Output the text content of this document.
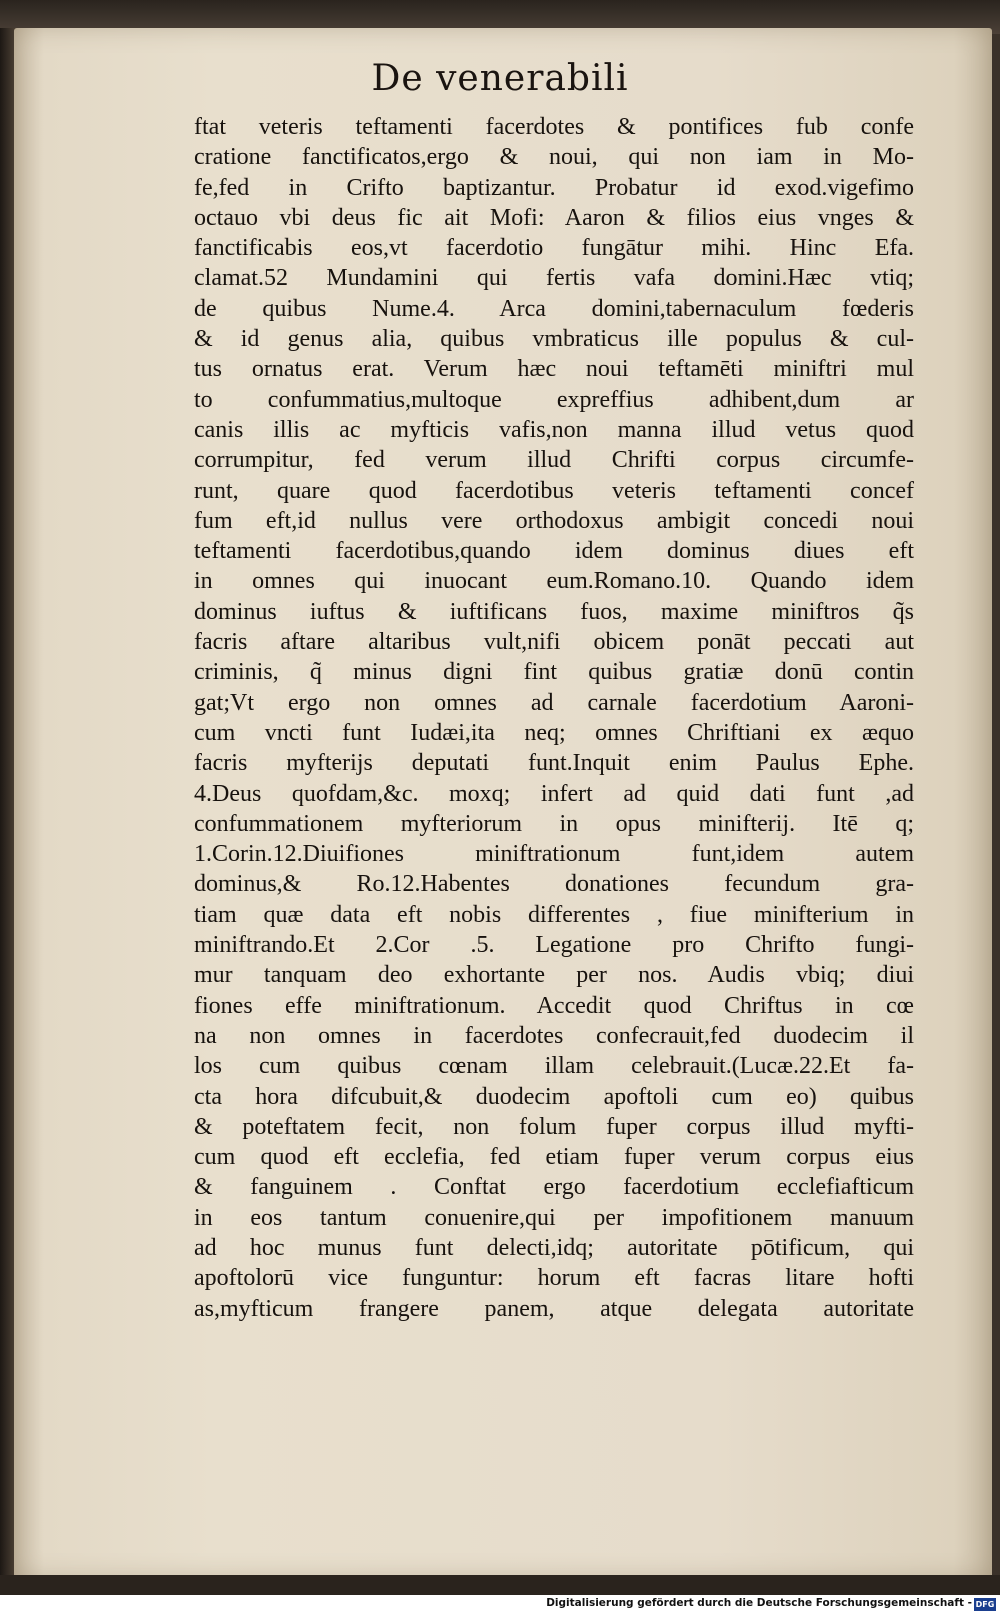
De venerabili
ftat veteris teftamenti facerdotes & pontifices fub confe
cratione fanctificatos,ergo & noui, qui non iam in Mo-
fe,fed in Crifto baptizantur. Probatur id exod.vigefimo
octauo vbi deus fic ait Mofi: Aaron & filios eius vnges &
fanctificabis eos,vt facerdotio fungātur mihi. Hinc Efa.
clamat.52 Mundamini qui fertis vafa domini.Hæc vtiq;
de quibus Nume.4. Arca domini,tabernaculum fœderis
& id genus alia, quibus vmbraticus ille populus & cul-
tus ornatus erat. Verum hæc noui teftamēti miniftri mul
to confummatius,multoque expreffius adhibent,dum ar
canis illis ac myfticis vafis,non manna illud vetus quod
corrumpitur, fed verum illud Chrifti corpus circumfe-
runt, quare quod facerdotibus veteris teftamenti concef
fum eft,id nullus vere orthodoxus ambigit concedi noui
teftamenti facerdotibus,quando idem dominus diues eft
in omnes qui inuocant eum.Romano.10. Quando idem
dominus iuftus & iuftificans fuos, maxime miniftros q̃s
facris aftare altaribus vult,nifi obicem ponāt peccati aut
criminis, q̃ minus digni fint quibus gratiæ donū contin
gat;Vt ergo non omnes ad carnale facerdotium Aaroni-
cum vncti funt Iudæi,ita neq; omnes Chriftiani ex æquo
facris myfterijs deputati funt.Inquit enim Paulus Ephe.
4.Deus quofdam,&c. moxq; infert ad quid dati funt ,ad
confummationem myfteriorum in opus minifterij. Itē q;
1.Corin.12.Diuifiones miniftrationum funt,idem autem
dominus,& Ro.12.Habentes donationes fecundum gra-
tiam quæ data eft nobis differentes , fiue minifterium in
miniftrando.Et 2.Cor .5. Legatione pro Chrifto fungi-
mur tanquam deo exhortante per nos. Audis vbiq; diui
fiones effe miniftrationum. Accedit quod Chriftus in cœ
na non omnes in facerdotes confecrauit,fed duodecim il
los cum quibus cœnam illam celebrauit.(Lucæ.22.Et fa-
cta hora difcubuit,& duodecim apoftoli cum eo) quibus
& poteftatem fecit, non folum fuper corpus illud myfti-
cum quod eft ecclefia, fed etiam fuper verum corpus eius
& fanguinem . Conftat ergo facerdotium ecclefiafticum
in eos tantum conuenire,qui per impofitionem manuum
ad hoc munus funt delecti,idq; autoritate pōtificum, qui
apoftolorū vice funguntur: horum eft facras litare hofti
as,myfticum frangere panem, atque delegata autoritate
Digitalisierung gefördert durch die Deutsche Forschungsgemeinschaft - DFG
